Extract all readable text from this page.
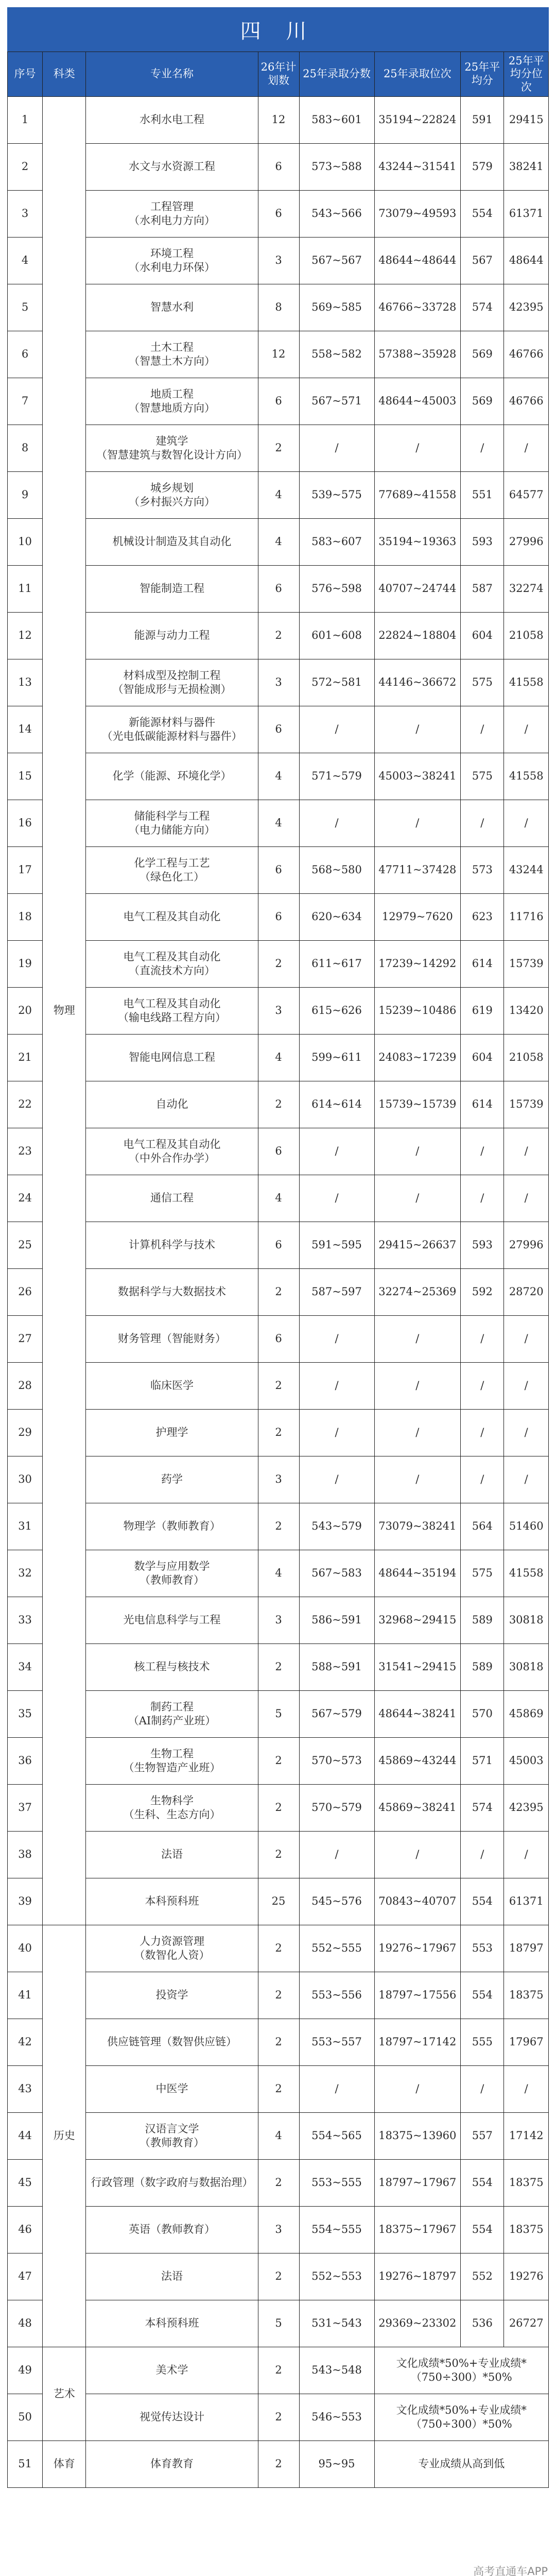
四 川
序号	科类	专业名称	26年计划数	25年录取分数	25年录取位次	25年平均分	25年平均分位次
1	物理	水利水电工程	12	583~601	35194~22824	591	29415
2		水文与水资源工程	6	573~588	43244~31541	579	38241
3		工程管理
（水利电力方向）	6	543~566	73079~49593	554	61371
4		环境工程
（水利电力环保）	3	567~567	48644~48644	567	48644
5		智慧水利	8	569~585	46766~33728	574	42395
6		土木工程
（智慧土木方向）	12	558~582	57388~35928	569	46766
7		地质工程
（智慧地质方向）	6	567~571	48644~45003	569	46766
8		建筑学
（智慧建筑与数智化设计方向）	2	/	/	/	/
9		城乡规划
（乡村振兴方向）	4	539~575	77689~41558	551	64577
10		机械设计制造及其自动化	4	583~607	35194~19363	593	27996
11		智能制造工程	6	576~598	40707~24744	587	32274
12		能源与动力工程	2	601~608	22824~18804	604	21058
13		材料成型及控制工程
（智能成形与无损检测）	3	572~581	44146~36672	575	41558
14		新能源材料与器件
（光电低碳能源材料与器件）	6	/	/	/	/
15		化学（能源、环境化学）	4	571~579	45003~38241	575	41558
16		储能科学与工程
（电力储能方向）	4	/	/	/	/
17		化学工程与工艺
（绿色化工）	6	568~580	47711~37428	573	43244
18		电气工程及其自动化	6	620~634	12979~7620	623	11716
19		电气工程及其自动化
（直流技术方向）	2	611~617	17239~14292	614	15739
20		电气工程及其自动化
（输电线路工程方向）	3	615~626	15239~10486	619	13420
21		智能电网信息工程	4	599~611	24083~17239	604	21058
22		自动化	2	614~614	15739~15739	614	15739
23		电气工程及其自动化
（中外合作办学）	6	/	/	/	/
24		通信工程	4	/	/	/	/
25		计算机科学与技术	6	591~595	29415~26637	593	27996
26		数据科学与大数据技术	2	587~597	32274~25369	592	28720
27		财务管理（智能财务）	6	/	/	/	/
28		临床医学	2	/	/	/	/
29		护理学	2	/	/	/	/
30		药学	3	/	/	/	/
31		物理学（教师教育）	2	543~579	73079~38241	564	51460
32		数学与应用数学
（教师教育）	4	567~583	48644~35194	575	41558
33		光电信息科学与工程	3	586~591	32968~29415	589	30818
34		核工程与核技术	2	588~591	31541~29415	589	30818
35		制药工程
（AI制药产业班）	5	567~579	48644~38241	570	45869
36		生物工程
（生物智造产业班）	2	570~573	45869~43244	571	45003
37		生物科学
（生科、生态方向）	2	570~579	45869~38241	574	42395
38		法语	2	/	/	/	/
39		本科预科班	25	545~576	70843~40707	554	61371
40	历史	人力资源管理
（数智化人资）	2	552~555	19276~17967	553	18797
41		投资学	2	553~556	18797~17556	554	18375
42		供应链管理（数智供应链）	2	553~557	18797~17142	555	17967
43		中医学	2	/	/	/	/
44		汉语言文学
（教师教育）	4	554~565	18375~13960	557	17142
45		行政管理（数字政府与数据治理）	2	553~555	18797~17967	554	18375
46		英语（教师教育）	3	554~555	18375~17967	554	18375
47		法语	2	552~553	19276~18797	552	19276
48		本科预科班	5	531~543	29369~23302	536	26727
49	艺术	美术学	2	543~548	文化成绩*50%+专业成绩*
（750÷300）*50%		
50		视觉传达设计	2	546~553	文化成绩*50%+专业成绩*
（750÷300）*50%		
51	体育	体育教育	2	95~95	专业成绩从高到低		
高考直通车APP
